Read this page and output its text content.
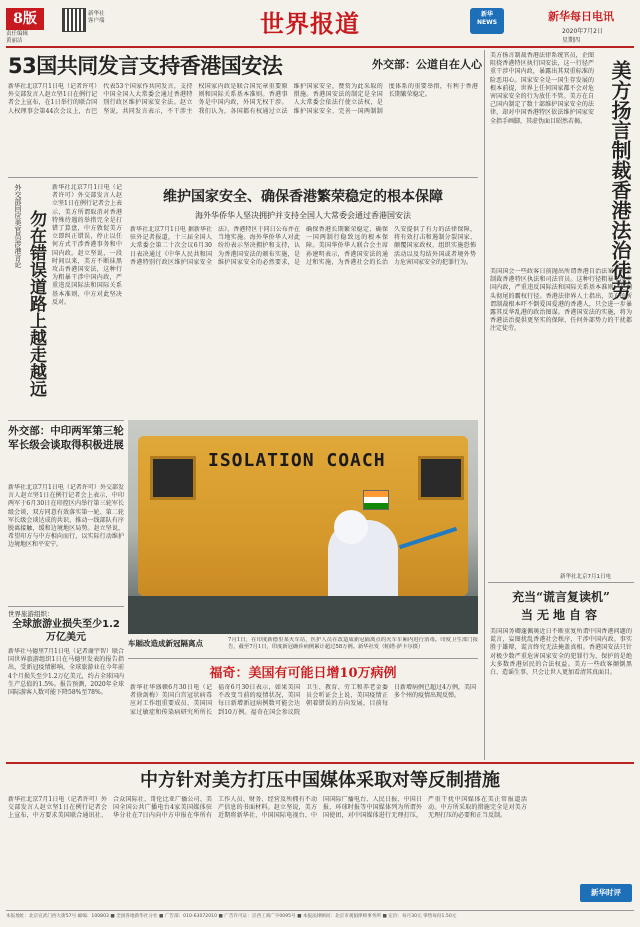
8版
责任编辑
黄丽洁
新华社
客户端	世界报道	新华
NEWS	新华每日电讯
2020年7月2日
星期四
53国共同发言支持香港国安法	外交部：公道自在人心
新华社北京7月1日电（记者许可）外交部发言人赵立坚1日在例行记者会上宣布，在1日举行的联合国人权理事会第44次会议上，古巴代表53个国家作共同发言，支持中国全国人大常委会通过香港特别行政区维护国家安全法。赵立坚说，共同发言表示，不干涉主权国家内政是联合国宪章重要原则和国际关系基本准则。香港事务是中国内政，外国无权干涉。我们认为，各国都有权通过立法维护国家安全，赞赏为此采取的措施。香港国安法的制定是全国人大常委会依法行使立法权，是维护国家安全、完善一国两制制度体系的重要举措，有利于香港长期繁荣稳定。
外交部回应美官员涉港言论 勿在错误道路上越走越远
新华社北京7月1日电（记者许可）外交部发言人赵立坚1日在例行记者会上表示，美方所谓取消对香港特殊待遇的举措完全是打错了算盘，中方敦促美方立即纠正错误，停止以任何方式干涉香港事务和中国内政。赵立坚说，一段时间以来，美方不断抹黑攻击香港国安法，这种行为粗暴干涉中国内政，严重违反国际法和国际关系基本准则，中方对此坚决反对。
维护国家安全、确保香港繁荣稳定的根本保障
海外华侨华人坚决拥护并支持全国人大常委会通过香港国安法
新华社北京7月1日电 据新华社驻外记者报道，十三届全国人大常委会第二十次会议6月30日表决通过《中华人民共和国香港特别行政区维护国家安全法》，香港特区于同日公布并在当地实施。海外华侨华人对此纷纷表示坚决拥护和支持，认为香港国安法的颁布实施，是维护国家安全的必然要求，是确保香港长期繁荣稳定、确保一国两制行稳致远的根本保障。美国华侨华人联合会主席孙建明表示，香港国安法的通过和实施，为香港社会的长治久安提供了有力的法律保障，将有效打击和遏制分裂国家、颠覆国家政权、组织实施恐怖活动以及勾结外国或者境外势力危害国家安全的犯罪行为。
ISOLATION COACH
车厢改造成新冠隔离点	7月1日，在印度新德里某火车站，医护人员在改造成新冠隔离点的火车车厢内进行消毒。印度卫生部门报告，截至7月1日，印度新冠确诊病例累计超过58万例。新华社发（帕塔·萨卡尔摄）
外交部：中印两军第三轮军长级会谈取得积极进展
新华社北京7月1日电（记者许可）外交部发言人赵立坚1日在例行记者会上表示，中印两军于6月30日在印控区内举行第三轮军长级会谈，双方同意有效落实第一轮、第二轮军长级会谈达成的共识，推动一线部队有序脱离接触，缓和边境地区局势。赵立坚说，希望印方与中方相向而行，以实际行动维护边境地区和平安宁。
世界旅游组织：
全球旅游业损失至少1.2万亿美元
新华社马德里7月1日电（记者谢宇智）联合国世界旅游组织1日在马德里发表的报告指出，受新冠疫情影响，全球旅游业在今年前4个月损失至少1.2万亿美元，约占全球国内生产总值的1.5%。报告预测，2020年全球国际游客人数可能下降58%至78%。
福奇：美国有可能日增10万病例
新华社华盛顿6月30日电（记者徐剑梅）美国白宫冠状病毒应对工作组重要成员、美国国家过敏症和传染病研究所所长福奇6月30日表示，如果美国不改变当前的疫情状况，美国每日新增新冠病例数可能会达到10万例。福奇在国会参议院卫生、教育、劳工和养老金委员会听证会上说，美国疫情正朝着错误的方向发展，目前每日新增病例已超过4万例，美国多个州的疫情出现反弹。
美方扬言制裁香港法律系统官员，企图阻挠香港特区执行国安法，这一行径严重干涉中国内政，暴露出其双重标准的险恶用心。国家安全是一国生存发展的根本前提，世界上任何国家都不会对危害国家安全的行为放任不管。美方在自己国内制定了数十部维护国家安全的法律，却对中国香港特区依法维护国家安全指手画脚，其虚伪面目昭然若揭。	美方扬言制裁香港法治徒劳
美国国会一些政客日前抛出所谓香港自治法案，扬言制裁香港特区执法和司法官员。这种行径粗暴干涉中国内政，严重违反国际法和国际关系基本准则，是彻头彻尾的霸权行径。香港法律界人士指出，美方的所谓制裁根本吓不倒爱国爱港的香港人，只会进一步暴露其反华乱港的政治图谋。香港国安法的实施，将为香港法治提供更坚实的保障，任何外部势力的干扰都注定徒劳。
新华社北京7月1日电
充当“谎言复读机”
当无地自容
美国国务卿蓬佩奥近日不断重复所谓中国香港问题的谎言，妄图扰乱香港社会秩序，干涉中国内政。事实胜于雄辩，谎言终究无法掩盖真相。香港国安法只针对极少数严重危害国家安全的犯罪行为，保护的是绝大多数香港居民的合法权益。美方一些政客颠倒黑白、造谣生事，只会让世人更加看清其真面目。
中方针对美方打压中国媒体采取对等反制措施
新华社北京7月1日电（记者许可）外交部发言人赵立坚1日在例行记者会上宣布，中方要求美国联合通讯社、合众国际社、哥伦比亚广播公司、美国全国公共广播电台4家美国媒体驻华分社在7日内向中方申报在华所有工作人员、财务、经营及所拥有不动产信息的书面材料。赵立坚说，美方近期将新华社、中国国际电视台、中国国际广播电台、人民日报、中国日报、环球时报等中国媒体列为所谓外国使团，对中国媒体进行无理打压，严重干扰中国媒体在美正常报道活动。中方所采取的措施完全是对美方无理打压的必要和正当反制。
新华时评
本报地址：北京宣武门西大街57号 邮编：100803 ■ 全国各地新华社分社 ■ 广告部：010-63072010 ■ 广告许可证：京西工商广字0095号 ■ 本报法律顾问：北京市观韬律师事务所 ■ 定价：每月30元 零售每份1.50元
